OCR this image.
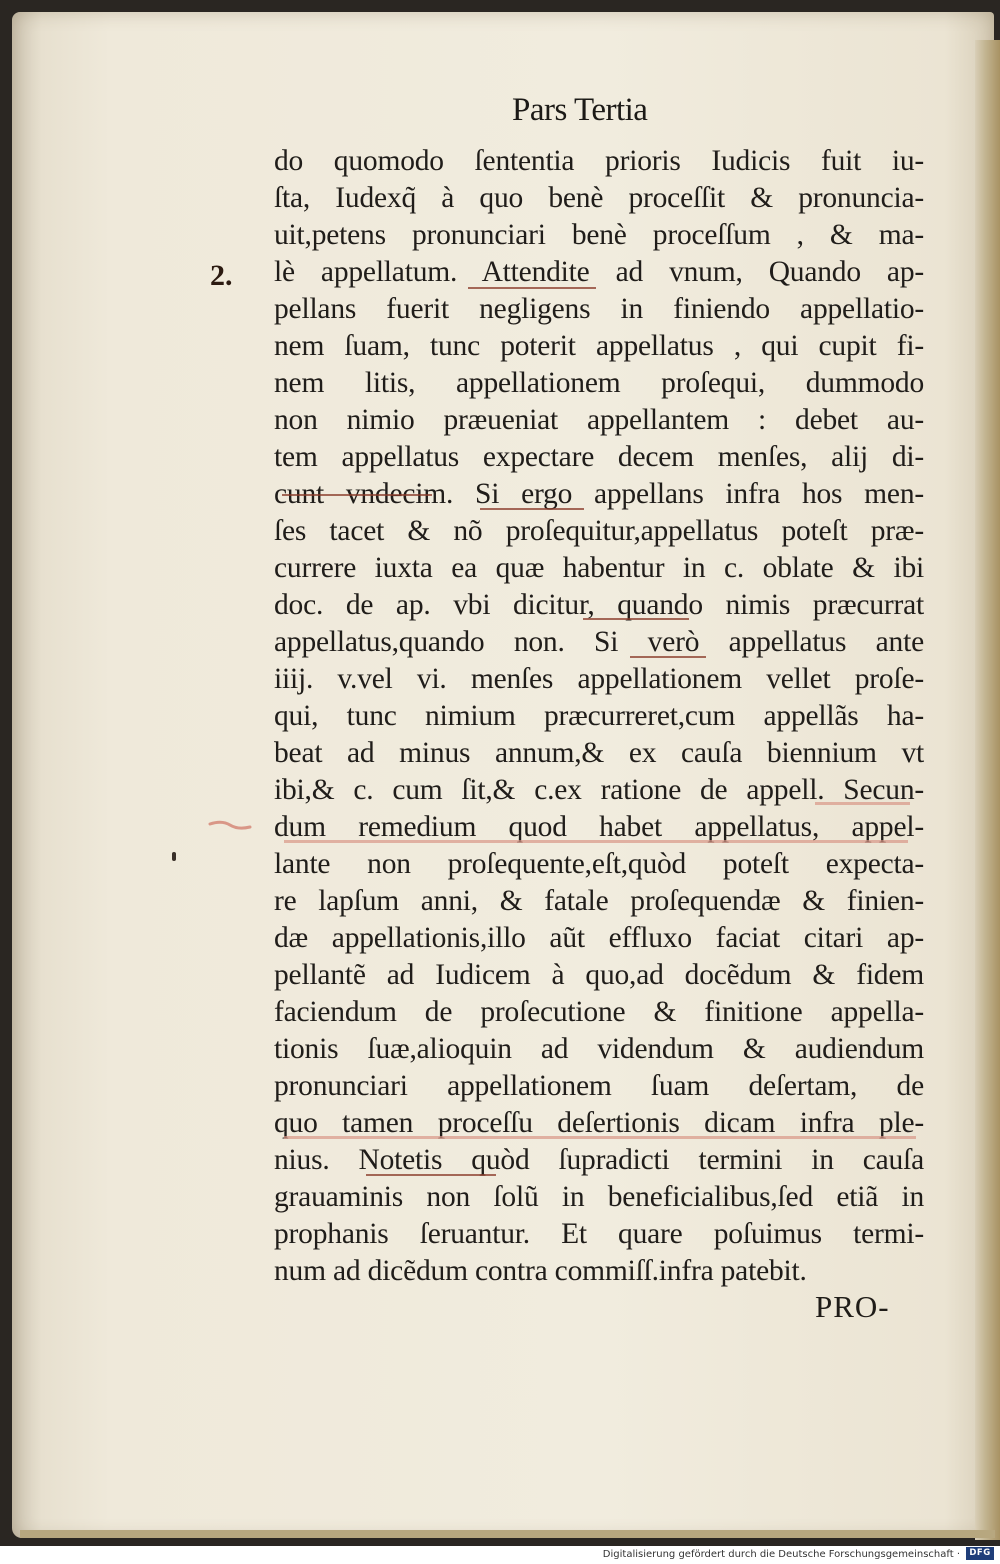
Pars Tertia
2.
do quomodo ſententia prioris Iudicis fuit iu-
ſta, Iudexq̃ à quo benè proceſſit & pronuncia-
uit,petens pronunciari benè proceſſum , & ma-
lè appellatum. Attendite ad vnum, Quando ap-
pellans fuerit negligens in finiendo appellatio-
nem ſuam, tunc poterit appellatus , qui cupit fi-
nem litis, appellationem proſequi, dummodo
non nimio præueniat appellantem : debet au-
tem appellatus expectare decem menſes, alij di-
cunt vndecim. Si ergo appellans infra hos men-
ſes tacet & nõ proſequitur,appellatus poteſt præ-
currere iuxta ea quæ habentur in c. oblate & ibi
doc. de ap. vbi dicitur, quando nimis præcurrat
appellatus,quando non. Si verò appellatus ante
iiij. v.vel vi. menſes appellationem vellet proſe-
qui, tunc nimium præcurreret,cum appellãs ha-
beat ad minus annum,& ex cauſa biennium vt
ibi,& c. cum ſit,& c.ex ratione de appell. Secun-
dum remedium quod habet appellatus, appel-
lante non proſequente,eſt,quòd poteſt expecta-
re lapſum anni, & fatale proſequendæ & finien-
dæ appellationis,illo aũt effluxo faciat citari ap-
pellantẽ ad Iudicem à quo,ad docẽdum & fidem
faciendum de proſecutione & finitione appella-
tionis ſuæ,alioquin ad videndum & audiendum
pronunciari appellationem ſuam deſertam, de
quo tamen proceſſu deſertionis dicam infra ple-
nius. Notetis quòd ſupradicti termini in cauſa
grauaminis non ſolũ in beneficialibus,ſed etiã in
prophanis ſeruantur. Et quare poſuimus termi-
num ad dicẽdum contra commiſſ.infra patebit.
PRO-
Digitalisierung gefördert durch die Deutsche Forschungsgemeinschaft ·	DFG
